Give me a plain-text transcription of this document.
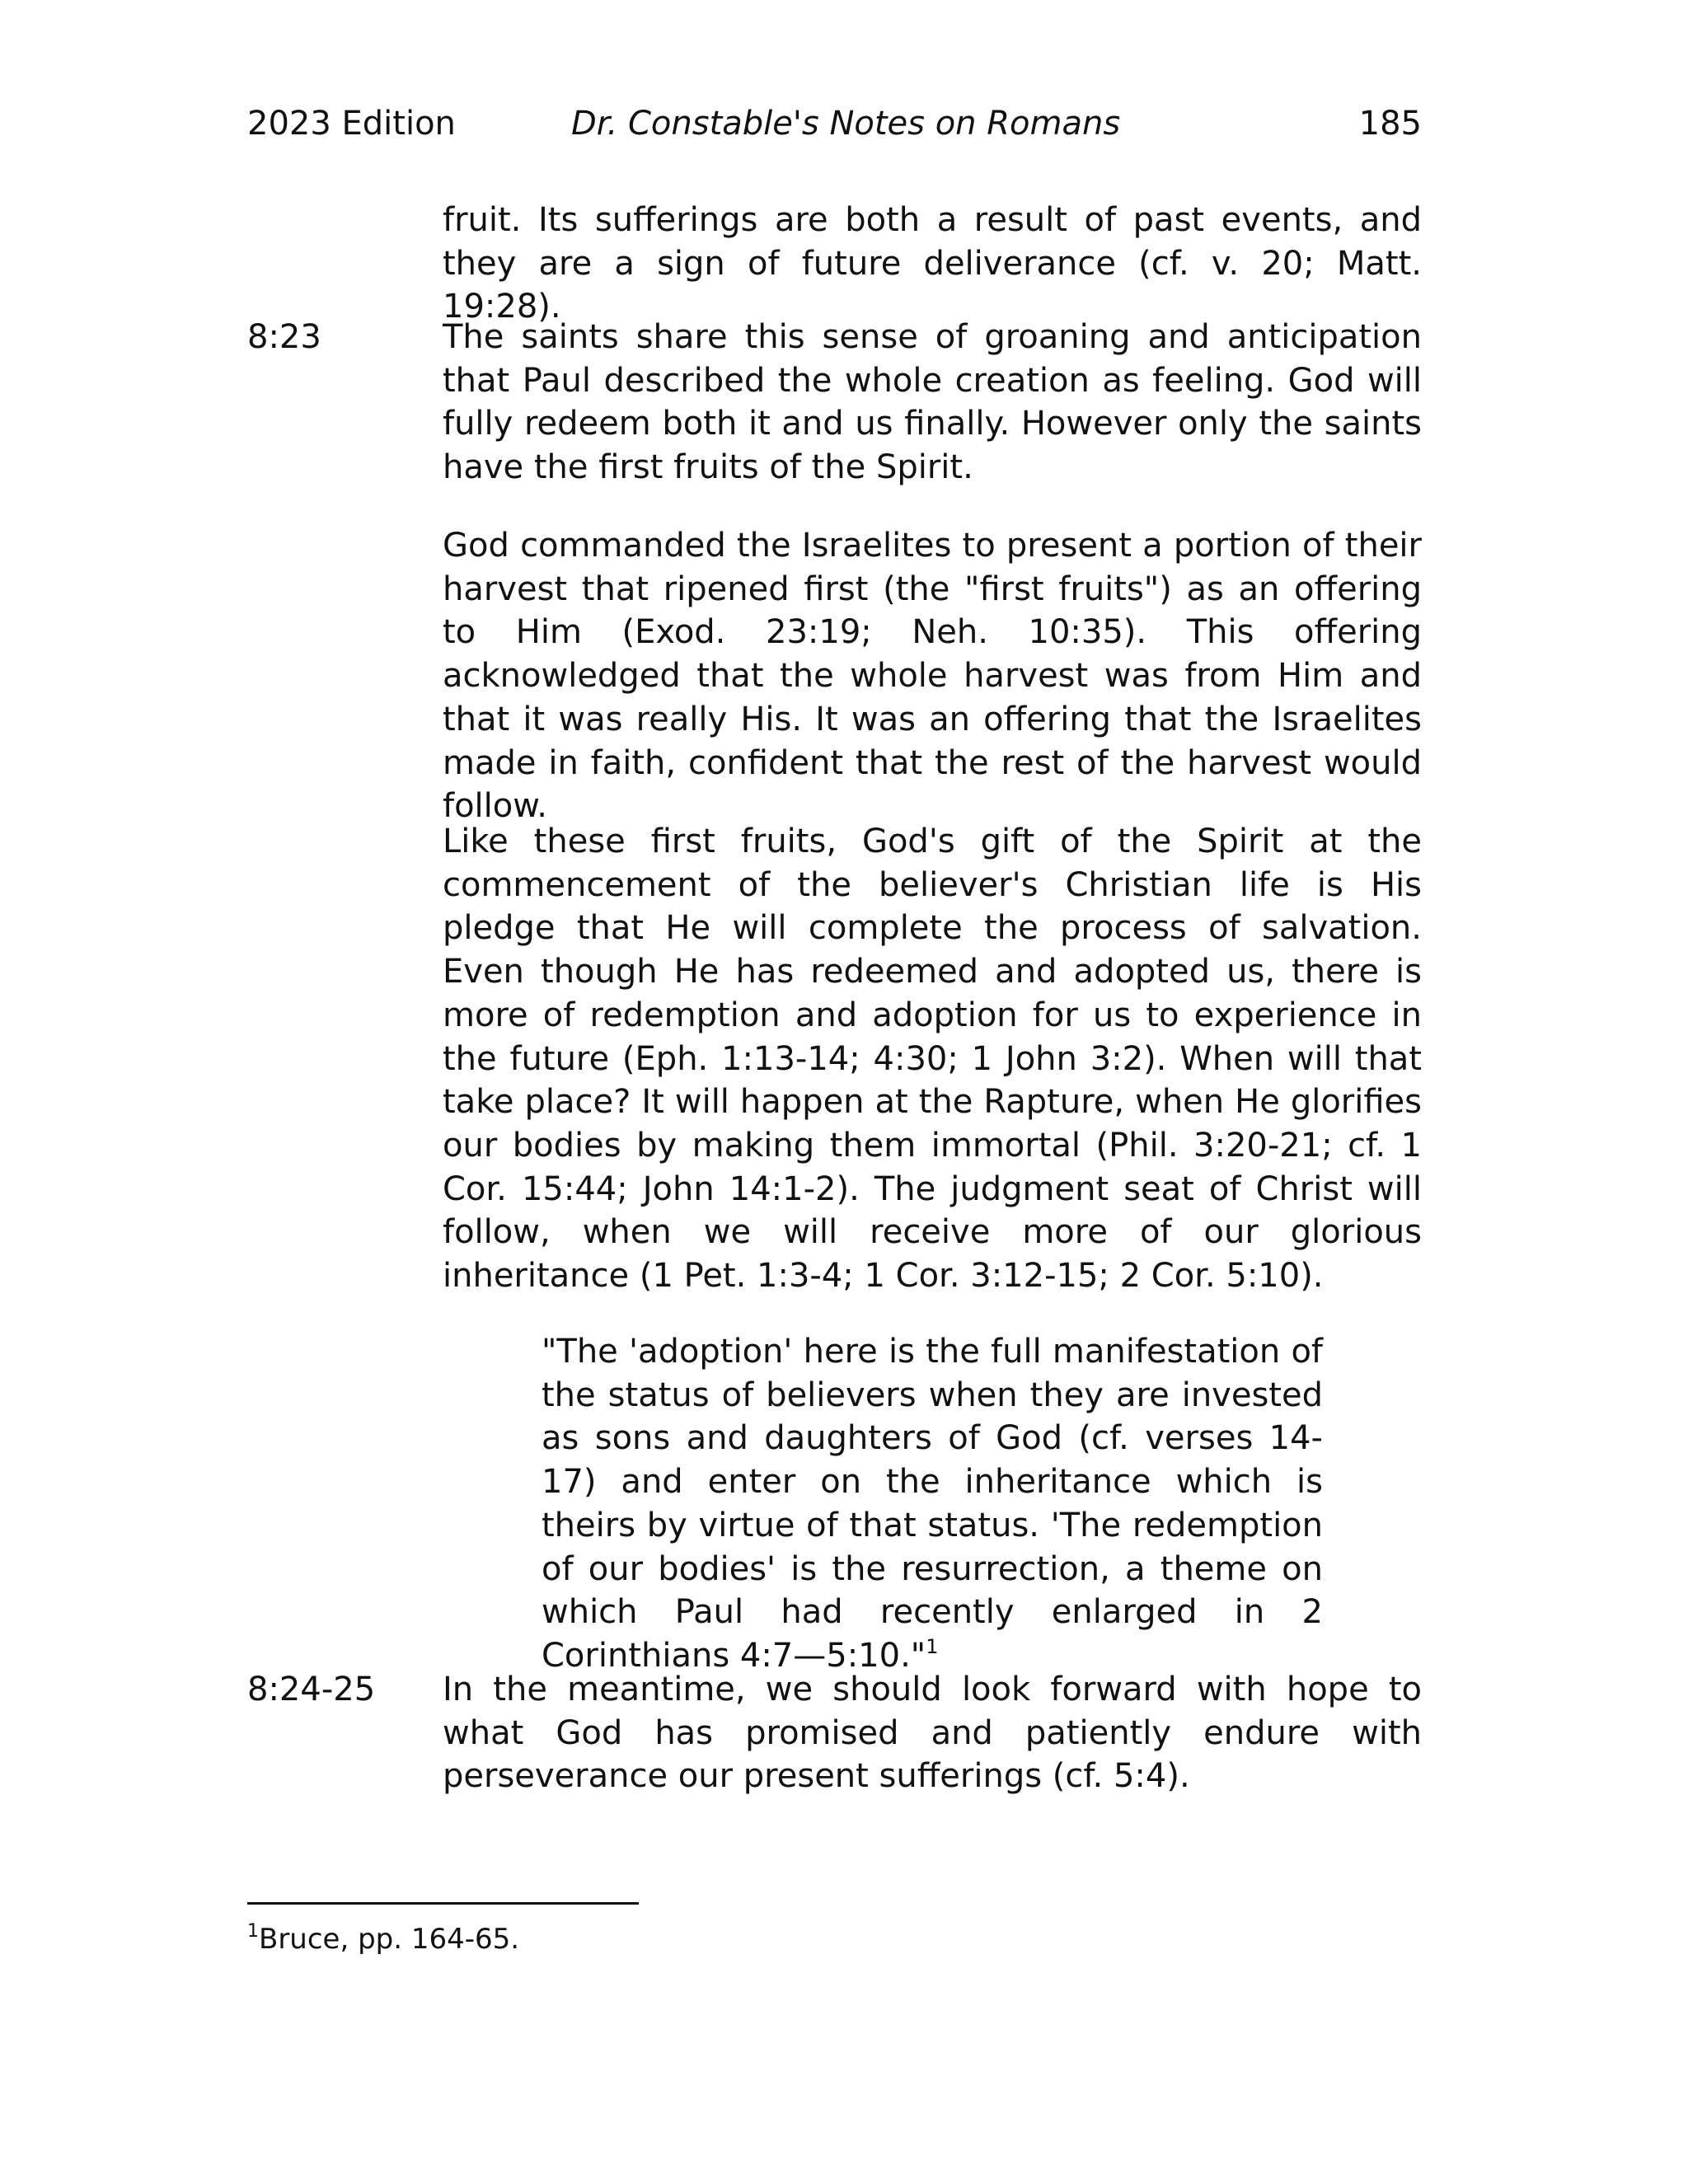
2023 Edition	Dr. Constable's Notes on Romans	185

fruit. Its sufferings are both a result of past events, and they are a sign of future deliverance (cf. v. 20; Matt. 19:28).

8:23	The saints share this sense of groaning and anticipation that Paul described the whole creation as feeling. God will fully redeem both it and us finally. However only the saints have the first fruits of the Spirit.

God commanded the Israelites to present a portion of their harvest that ripened first (the "first fruits") as an offering to Him (Exod. 23:19; Neh. 10:35). This offering acknowledged that the whole harvest was from Him and that it was really His. It was an offering that the Israelites made in faith, confident that the rest of the harvest would follow.

Like these first fruits, God's gift of the Spirit at the commencement of the believer's Christian life is His pledge that He will complete the process of salvation. Even though He has redeemed and adopted us, there is more of redemption and adoption for us to experience in the future (Eph. 1:13-14; 4:30; 1 John 3:2). When will that take place? It will happen at the Rapture, when He glorifies our bodies by making them immortal (Phil. 3:20-21; cf. 1 Cor. 15:44; John 14:1-2). The judgment seat of Christ will follow, when we will receive more of our glorious inheritance (1 Pet. 1:3-4; 1 Cor. 3:12-15; 2 Cor. 5:10).

"The 'adoption' here is the full manifestation of the status of believers when they are invested as sons and daughters of God (cf. verses 14-17) and enter on the inheritance which is theirs by virtue of that status. 'The redemption of our bodies' is the resurrection, a theme on which Paul had recently enlarged in 2 Corinthians 4:7—5:10."$^1$

8:24-25 In the meantime, we should look forward with hope to what God has promised and patiently endure with perseverance our present sufferings (cf. 5:4).

$^1$Bruce, pp. 164-65.
